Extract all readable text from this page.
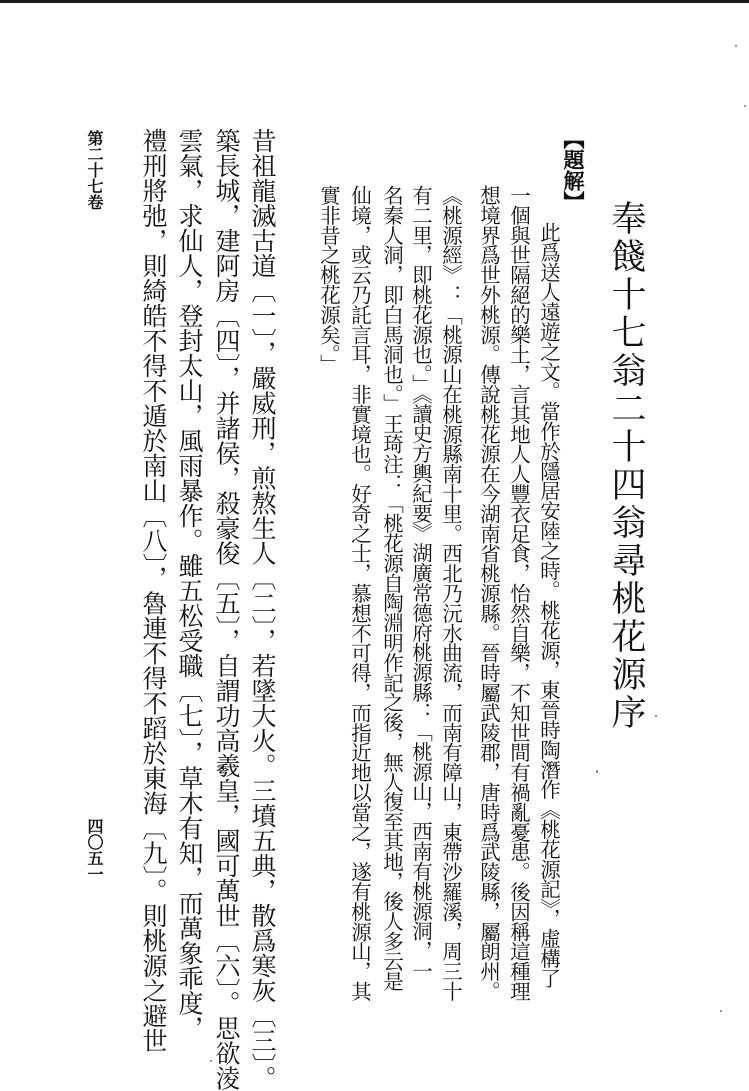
奉餞十七翁二十四翁尋桃花源序
【題解】
此爲送人遠遊之文。當作於隱居安陸之時。桃花源，東晉時陶潛作《桃花源記》，虛構了
一個與世隔絕的樂土，言其地人人豐衣足食，怡然自樂，不知世間有禍亂憂患。後因稱這種理
想境界爲世外桃源。傳說桃花源在今湖南省桃源縣。晉時屬武陵郡，唐時爲武陵縣，屬朗州。
《桃源經》：「桃源山在桃源縣南十里。西北乃沅水曲流，而南有障山，東帶沙羅溪，周三十
有二里，即桃花源也。」《讀史方輿紀要》湖廣常德府桃源縣：「桃源山，西南有桃源洞，一
名秦人洞，即白馬洞也。」王琦注：「桃花源自陶淵明作記之後，無人復至其地，後人多云是
仙境，或云乃託言耳，非實境也。好奇之士，慕想不可得，而指近地以當之，遂有桃源山，其
實非昔之桃花源矣。」
昔祖龍滅古道〔一〕，嚴威刑，煎熬生人〔二〕，若墜大火。三墳五典，散爲寒灰〔三〕。
築長城，建阿房〔四〕，并諸侯，殺豪俊〔五〕，自謂功高羲皇，國可萬世〔六〕。思欲淩
雲氣，求仙人，登封太山，風雨暴作。雖五松受職〔七〕，草木有知，而萬象乖度，
禮刑將弛，則綺皓不得不遁於南山〔八〕，魯連不得不蹈於東海〔九〕。則桃源之避世
第二十七卷
四〇五一
